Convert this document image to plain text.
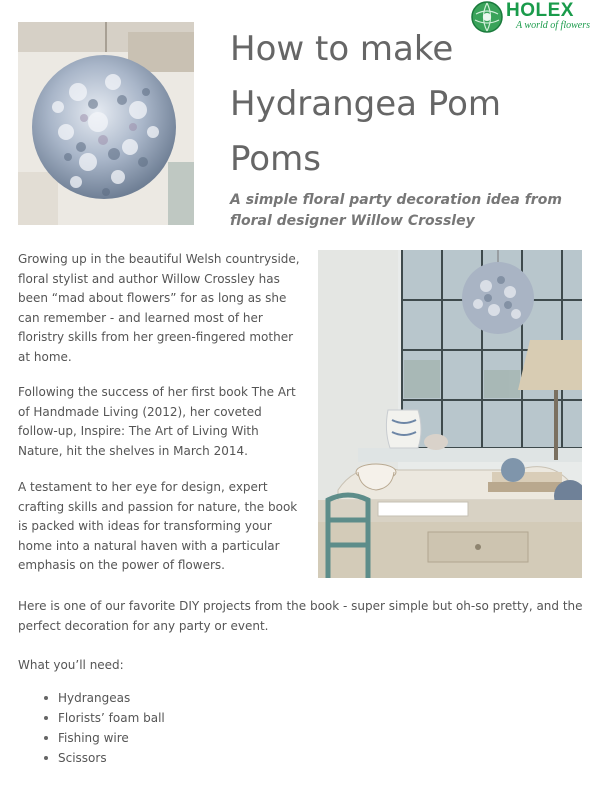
HOLEX
A world of flowers
How to make Hydrangea Pom Poms

A simple floral party decoration idea from floral designer Willow Crossley

Growing up in the beautiful Welsh countryside, floral stylist and author Willow Crossley has been “mad about flowers” for as long as she can remember - and learned most of her floristry skills from her green-fingered mother at home.

Following the success of her first book The Art of Handmade Living (2012), her coveted follow-up, Inspire: The Art of Living With Nature, hit the shelves in March 2014.

A testament to her eye for design, expert crafting skills and passion for nature, the book is packed with ideas for transforming your home into a natural haven with a particular emphasis on the power of flowers.

Here is one of our favorite DIY projects from the book - super simple but oh-so pretty, and the perfect decoration for any party or event.

What you’ll need:

Hydrangeas
Florists’ foam ball
Fishing wire
Scissors
